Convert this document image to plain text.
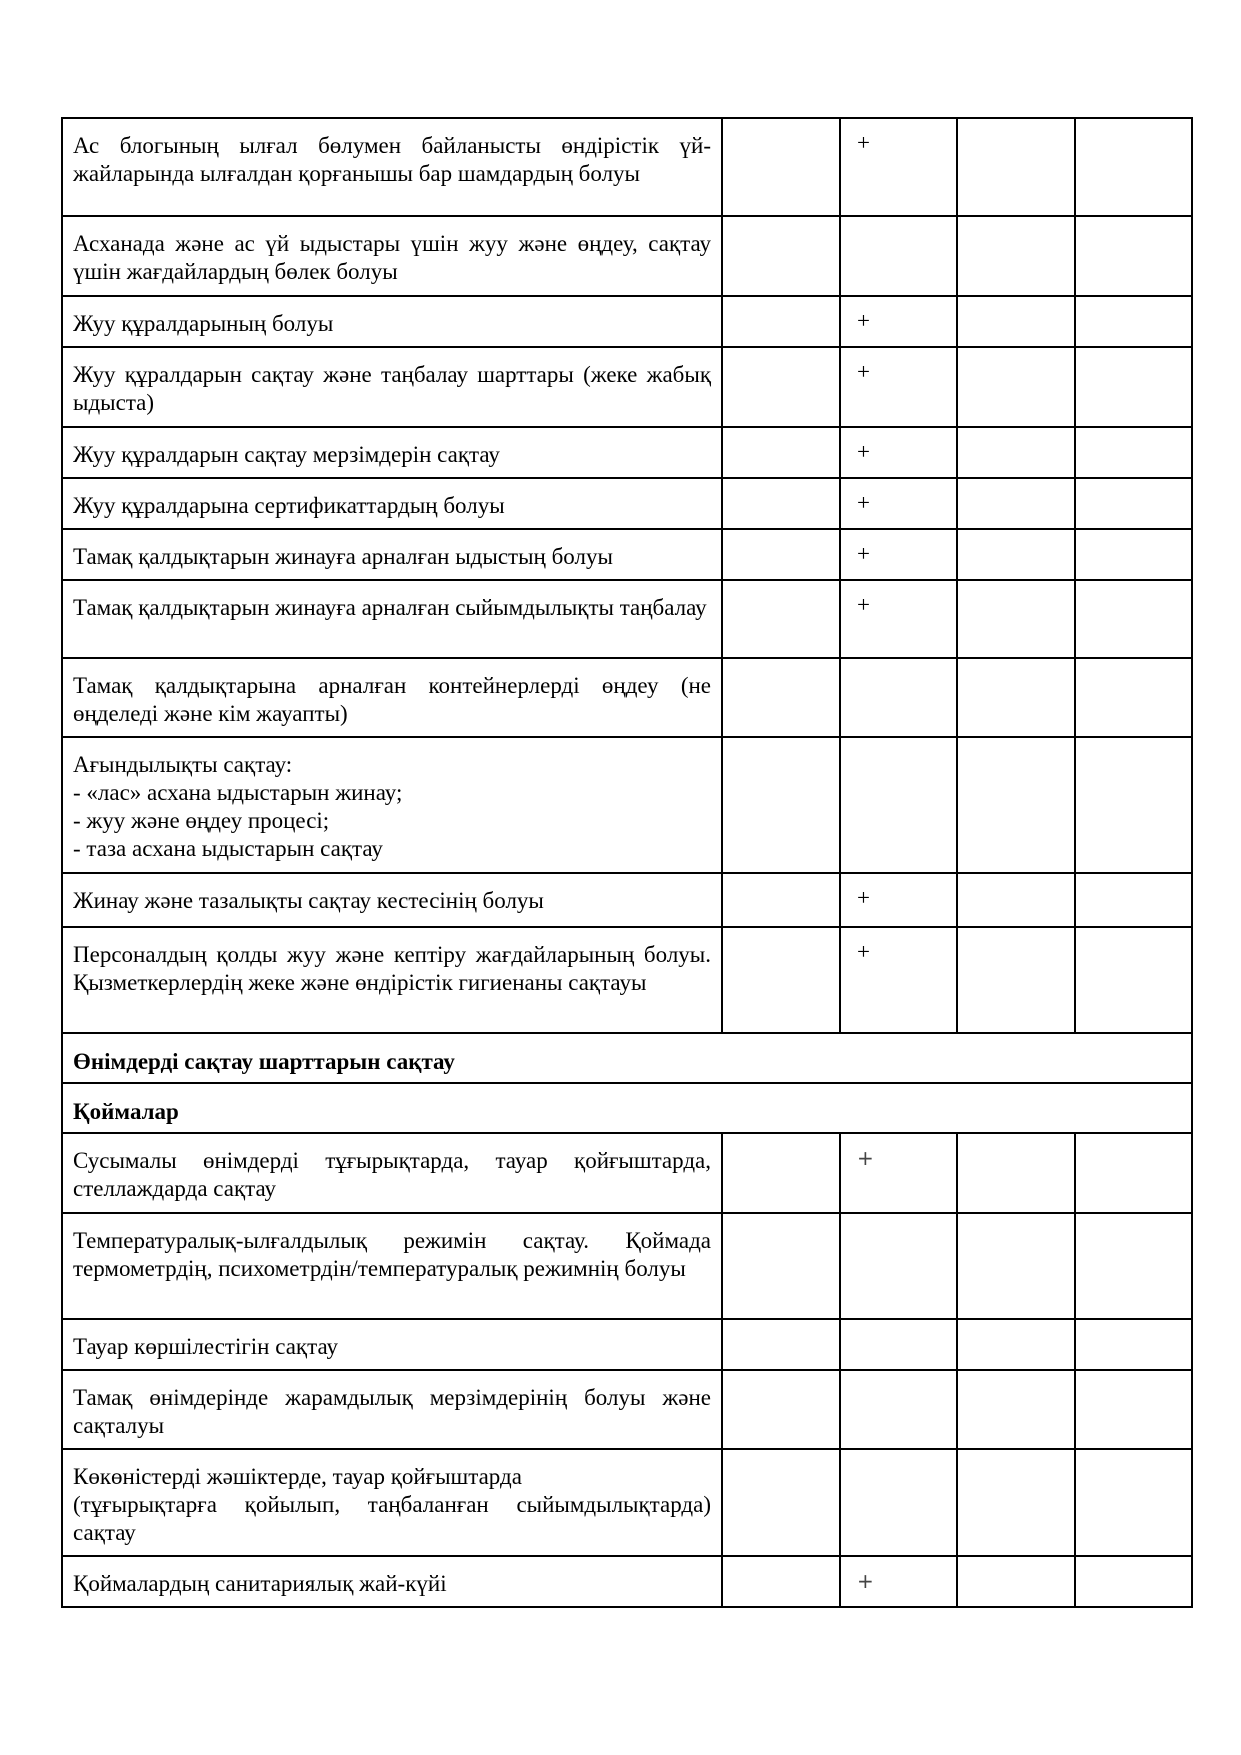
Ас блогының ылғал бөлумен байланысты өндірістік үй-жайларында ылғалдан қорғанышы бар шамдардың болуы		+		

Асханада және ас үй ыдыстары үшін жуу және өңдеу, сақтау үшін жағдайлардың бөлек болуы		

Жуу құралдарының болуы		+		

Жуу құралдарын сақтау және таңбалау шарттары (жеке жабық ыдыста)		+		

Жуу құралдарын сақтау мерзімдерін сақтау		+		

Жуу құралдарына сертификаттардың болуы		+		

Тамақ қалдықтарын жинауға арналған ыдыстың болуы		+		

Тамақ қалдықтарын жинауға арналған сыйымдылықты таңбалау		+		

Тамақ қалдықтарына арналған контейнерлерді өңдеу (не өңделеді және кім жауапты)		

Ағындылықты сақтау:
- «лас» асхана ыдыстарын жинау;
- жуу және өңдеу процесі;
- таза асхана ыдыстарын сақтау				

Жинау және тазалықты сақтау кестесінің болуы		+		

Персоналдың қолды жуу және кептіру жағдайларының болуы. Қызметкерлердің жеке және өндірістік гигиенаны сақтауы		+		

Өнімдерді сақтау шарттарын сақтау				
Қоймалар				
Сусымалы өнімдерді тұғырықтарда, тауар қойғыштарда, стеллаждарда сақтау		+		

Температуралық-ылғалдылық режимін сақтау. Қоймада термометрдің, психометрдін/температуралық режимнің болуы		

Тауар көршілестігін сақтау		

Тамақ өнімдерінде жарамдылық мерзімдерінің болуы және сақталуы		

Көкөністерді жәшіктерде, тауар қойғыштарда
(тұғырықтарға қойылып, таңбаланған сыйымдылықтарда) сақтау				

Қоймалардың санитариялық жай-күйі		+		
